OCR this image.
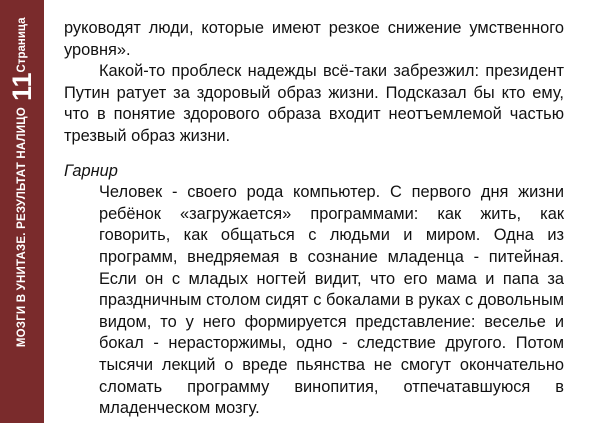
Страница
11
МОЗГИ В УНИТАЗЕ. РЕЗУЛЬТАТ НАЛИЦО

руководят люди, которые имеют резкое снижение умственного уровня».

Какой-то проблеск надежды всё-таки забрезжил: президент Путин ратует за здоровый образ жизни. Подсказал бы кто ему, что в понятие здорового образа входит неотъемлемой частью трезвый образ жизни.

Гарнир

Человек - своего рода компьютер. С первого дня жизни ребёнок «загружается» программами: как жить, как говорить, как общаться с людьми и миром. Одна из программ, внедряемая в сознание младенца - питейная. Если он с младых ногтей видит, что его мама и папа за праздничным столом сидят с бокалами в руках с довольным видом, то у него формируется представление: веселье и бокал - нерасторжимы, одно - следствие другого. Потом тысячи лекций о вреде пьянства не смогут окончательно сломать программу винопития, отпечатавшуюся в младенческом мозгу.
